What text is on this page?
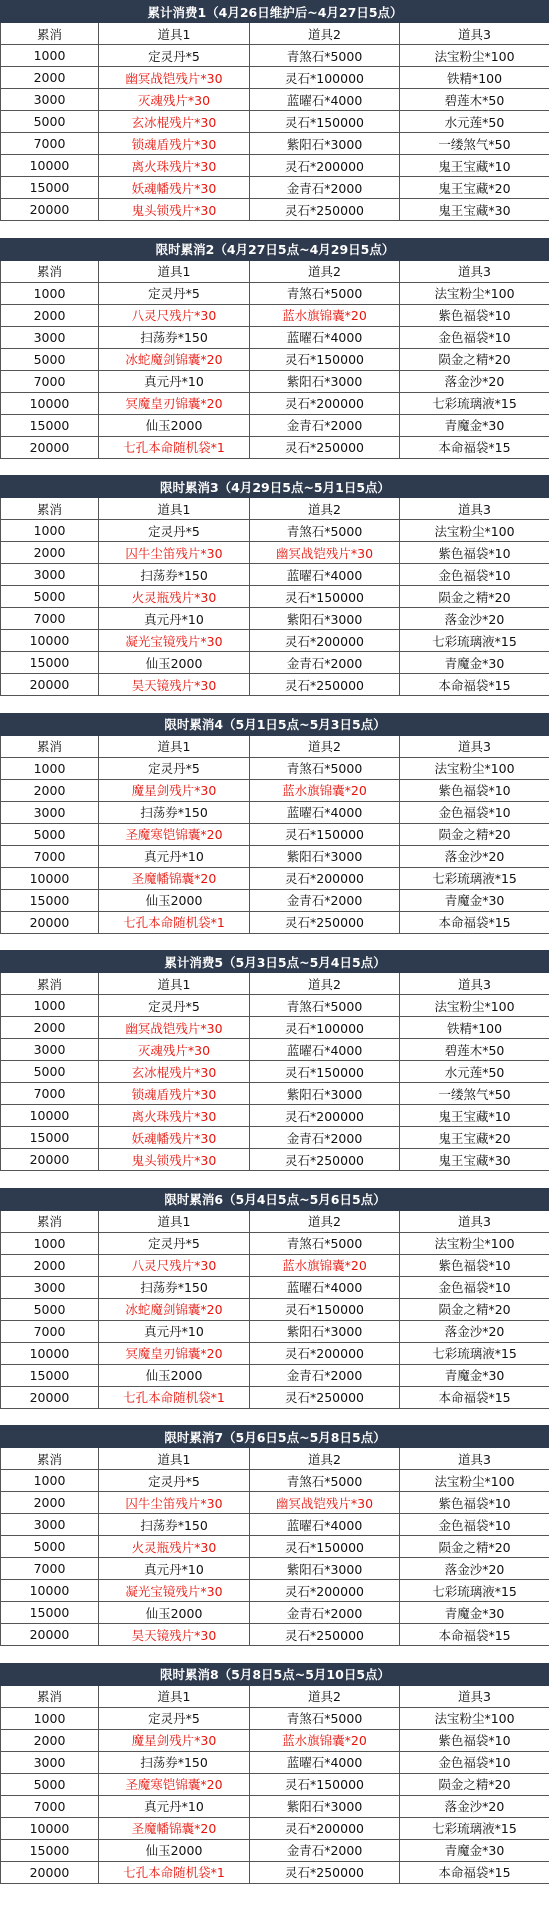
累计消费1（4月26日维护后~4月27日5点）			
累消	道具1	道具2	道具3
1000	定灵丹*5	青煞石*5000	法宝粉尘*100
2000	幽冥战铠残片*30	灵石*100000	铁精*100
3000	灭魂残片*30	蓝曜石*4000	碧莲木*50
5000	玄冰棍残片*30	灵石*150000	水元莲*50
7000	锁魂盾残片*30	紫阳石*3000	一缕煞气*50
10000	离火珠残片*30	灵石*200000	鬼王宝藏*10
15000	妖魂幡残片*30	金青石*2000	鬼王宝藏*20
20000	鬼头锁残片*30	灵石*250000	鬼王宝藏*30
限时累消2（4月27日5点~4月29日5点）			
累消	道具1	道具2	道具3
1000	定灵丹*5	青煞石*5000	法宝粉尘*100
2000	八灵尺残片*30	蓝水旗锦囊*20	紫色福袋*10
3000	扫荡券*150	蓝曜石*4000	金色福袋*10
5000	冰蛇魔剑锦囊*20	灵石*150000	陨金之精*20
7000	真元丹*10	紫阳石*3000	落金沙*20
10000	冥魔皇刃锦囊*20	灵石*200000	七彩琉璃液*15
15000	仙玉2000	金青石*2000	青魔金*30
20000	七孔本命随机袋*1	灵石*250000	本命福袋*15
限时累消3（4月29日5点~5月1日5点）			
累消	道具1	道具2	道具3
1000	定灵丹*5	青煞石*5000	法宝粉尘*100
2000	囚牛尘笛残片*30	幽冥战铠残片*30	紫色福袋*10
3000	扫荡券*150	蓝曜石*4000	金色福袋*10
5000	火灵瓶残片*30	灵石*150000	陨金之精*20
7000	真元丹*10	紫阳石*3000	落金沙*20
10000	凝光宝镜残片*30	灵石*200000	七彩琉璃液*15
15000	仙玉2000	金青石*2000	青魔金*30
20000	昊天镜残片*30	灵石*250000	本命福袋*15
限时累消4（5月1日5点~5月3日5点）			
累消	道具1	道具2	道具3
1000	定灵丹*5	青煞石*5000	法宝粉尘*100
2000	魔星剑残片*30	蓝水旗锦囊*20	紫色福袋*10
3000	扫荡券*150	蓝曜石*4000	金色福袋*10
5000	圣魔寒铠锦囊*20	灵石*150000	陨金之精*20
7000	真元丹*10	紫阳石*3000	落金沙*20
10000	圣魔幡锦囊*20	灵石*200000	七彩琉璃液*15
15000	仙玉2000	金青石*2000	青魔金*30
20000	七孔本命随机袋*1	灵石*250000	本命福袋*15
累计消费5（5月3日5点~5月4日5点）			
累消	道具1	道具2	道具3
1000	定灵丹*5	青煞石*5000	法宝粉尘*100
2000	幽冥战铠残片*30	灵石*100000	铁精*100
3000	灭魂残片*30	蓝曜石*4000	碧莲木*50
5000	玄冰棍残片*30	灵石*150000	水元莲*50
7000	锁魂盾残片*30	紫阳石*3000	一缕煞气*50
10000	离火珠残片*30	灵石*200000	鬼王宝藏*10
15000	妖魂幡残片*30	金青石*2000	鬼王宝藏*20
20000	鬼头锁残片*30	灵石*250000	鬼王宝藏*30
限时累消6（5月4日5点~5月6日5点）			
累消	道具1	道具2	道具3
1000	定灵丹*5	青煞石*5000	法宝粉尘*100
2000	八灵尺残片*30	蓝水旗锦囊*20	紫色福袋*10
3000	扫荡券*150	蓝曜石*4000	金色福袋*10
5000	冰蛇魔剑锦囊*20	灵石*150000	陨金之精*20
7000	真元丹*10	紫阳石*3000	落金沙*20
10000	冥魔皇刃锦囊*20	灵石*200000	七彩琉璃液*15
15000	仙玉2000	金青石*2000	青魔金*30
20000	七孔本命随机袋*1	灵石*250000	本命福袋*15
限时累消7（5月6日5点~5月8日5点）			
累消	道具1	道具2	道具3
1000	定灵丹*5	青煞石*5000	法宝粉尘*100
2000	囚牛尘笛残片*30	幽冥战铠残片*30	紫色福袋*10
3000	扫荡券*150	蓝曜石*4000	金色福袋*10
5000	火灵瓶残片*30	灵石*150000	陨金之精*20
7000	真元丹*10	紫阳石*3000	落金沙*20
10000	凝光宝镜残片*30	灵石*200000	七彩琉璃液*15
15000	仙玉2000	金青石*2000	青魔金*30
20000	昊天镜残片*30	灵石*250000	本命福袋*15
限时累消8（5月8日5点~5月10日5点）			
累消	道具1	道具2	道具3
1000	定灵丹*5	青煞石*5000	法宝粉尘*100
2000	魔星剑残片*30	蓝水旗锦囊*20	紫色福袋*10
3000	扫荡券*150	蓝曜石*4000	金色福袋*10
5000	圣魔寒铠锦囊*20	灵石*150000	陨金之精*20
7000	真元丹*10	紫阳石*3000	落金沙*20
10000	圣魔幡锦囊*20	灵石*200000	七彩琉璃液*15
15000	仙玉2000	金青石*2000	青魔金*30
20000	七孔本命随机袋*1	灵石*250000	本命福袋*15
